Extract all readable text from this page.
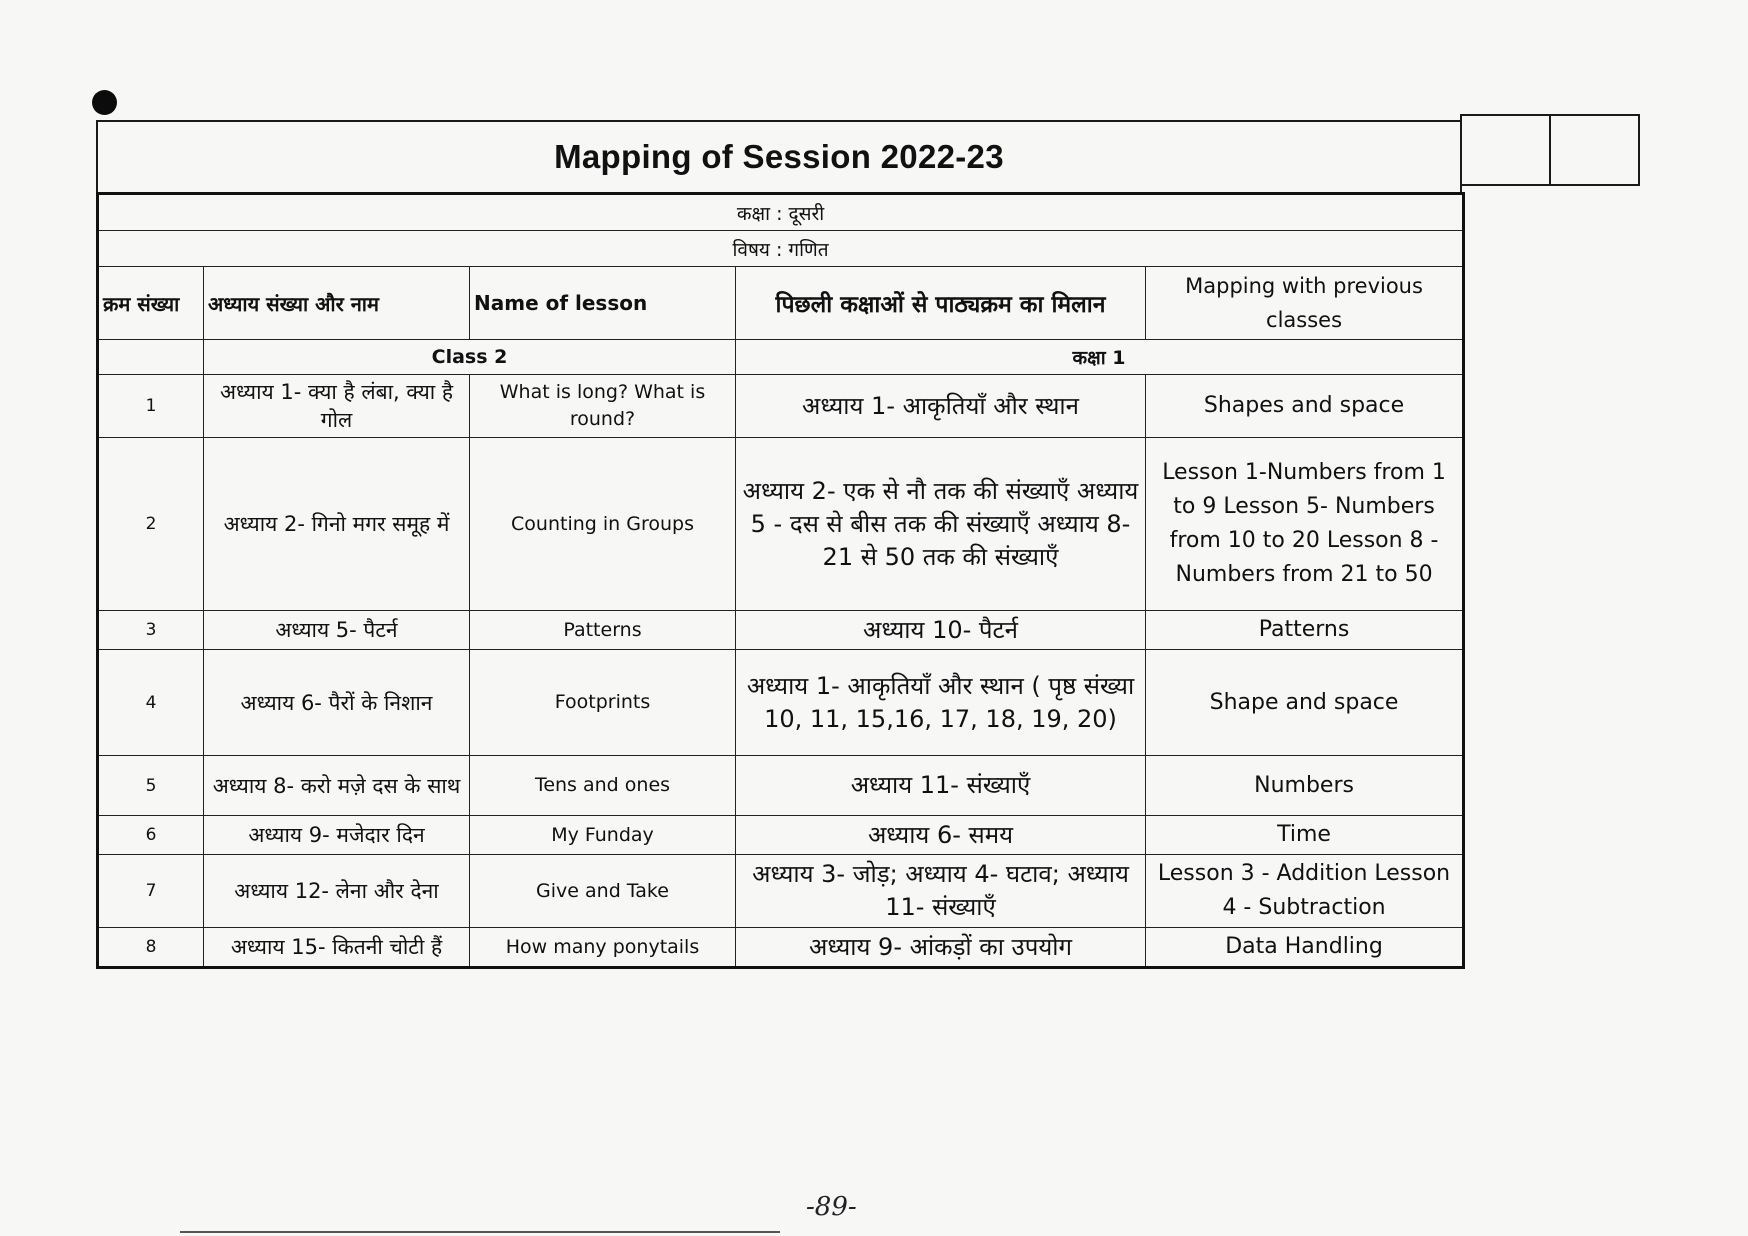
Mapping of Session 2022-23
कक्षा : दूसरी				
विषय : गणित				
क्रम संख्या	अध्याय संख्या और नाम	Name of lesson	पिछली कक्षाओं से पाठ्यक्रम का मिलान	Mapping with previous classes
	Class 2		कक्षा 1	
1	अध्याय 1- क्या है लंबा, क्या है गोल	What is long? What is round?	अध्याय 1- आकृतियाँ और स्थान	Shapes and space
2	अध्याय 2- गिनो मगर समूह में	Counting in Groups	अध्याय 2- एक से नौ तक की संख्याएँ अध्याय 5 - दस से बीस तक की संख्याएँ अध्याय 8- 21 से 50 तक की संख्याएँ	Lesson 1-Numbers from 1 to 9 Lesson 5- Numbers from 10 to 20 Lesson 8 - Numbers from 21 to 50
3	अध्याय 5- पैटर्न	Patterns	अध्याय 10- पैटर्न	Patterns
4	अध्याय 6- पैरों के निशान	Footprints	अध्याय 1- आकृतियाँ और स्थान ( पृष्ठ संख्या 10, 11, 15,16, 17, 18, 19, 20)	Shape and space
5	अध्याय 8- करो मज़े दस के साथ	Tens and ones	अध्याय 11- संख्याएँ	Numbers
6	अध्याय 9- मजेदार दिन	My Funday	अध्याय 6- समय	Time
7	अध्याय 12- लेना और देना	Give and Take	अध्याय 3- जोड़; अध्याय 4- घटाव; अध्याय 11- संख्याएँ	Lesson 3 - Addition Lesson 4 - Subtraction
8	अध्याय 15- कितनी चोटी हैं	How many ponytails	अध्याय 9- आंकड़ों का उपयोग	Data Handling
-89-
